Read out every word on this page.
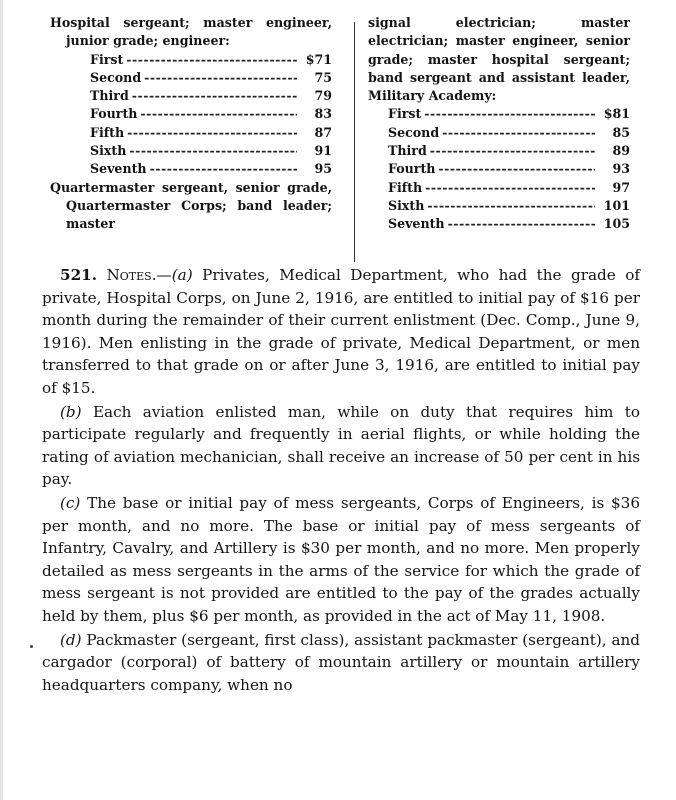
Hospital sergeant; master engineer, junior grade; engineer:
First -----	$71
Second -----	75
Third -----	79
Fourth -----	83
Fifth -----	87
Sixth -----	91
Seventh -----	95
Quartermaster sergeant, senior grade, Quartermaster Corps; band leader; master
signal electrician; master electrician; master engineer, senior grade; master hospital sergeant; band sergeant and assistant leader, Military Academy:
First -----	$81
Second -----	85
Third -----	89
Fourth -----	93
Fifth -----	97
Sixth -----	101
Seventh -----	105

521. Notes.—(a) Privates, Medical Department, who had the grade of private, Hospital Corps, on June 2, 1916, are entitled to initial pay of $16 per month during the remainder of their current enlistment (Dec. Comp., June 9, 1916). Men enlisting in the grade of private, Medical Department, or men transferred to that grade on or after June 3, 1916, are entitled to initial pay of $15.

(b) Each aviation enlisted man, while on duty that requires him to participate regularly and frequently in aerial flights, or while holding the rating of aviation mechanician, shall receive an increase of 50 per cent in his pay.

(c) The base or initial pay of mess sergeants, Corps of Engineers, is $36 per month, and no more. The base or initial pay of mess sergeants of Infantry, Cavalry, and Artillery is $30 per month, and no more. Men properly detailed as mess sergeants in the arms of the service for which the grade of mess sergeant is not provided are entitled to the pay of the grades actually held by them, plus $6 per month, as provided in the act of May 11, 1908.

(d) Packmaster (sergeant, first class), assistant packmaster (sergeant), and cargador (corporal) of battery of mountain artillery or mountain artillery headquarters company, when no
